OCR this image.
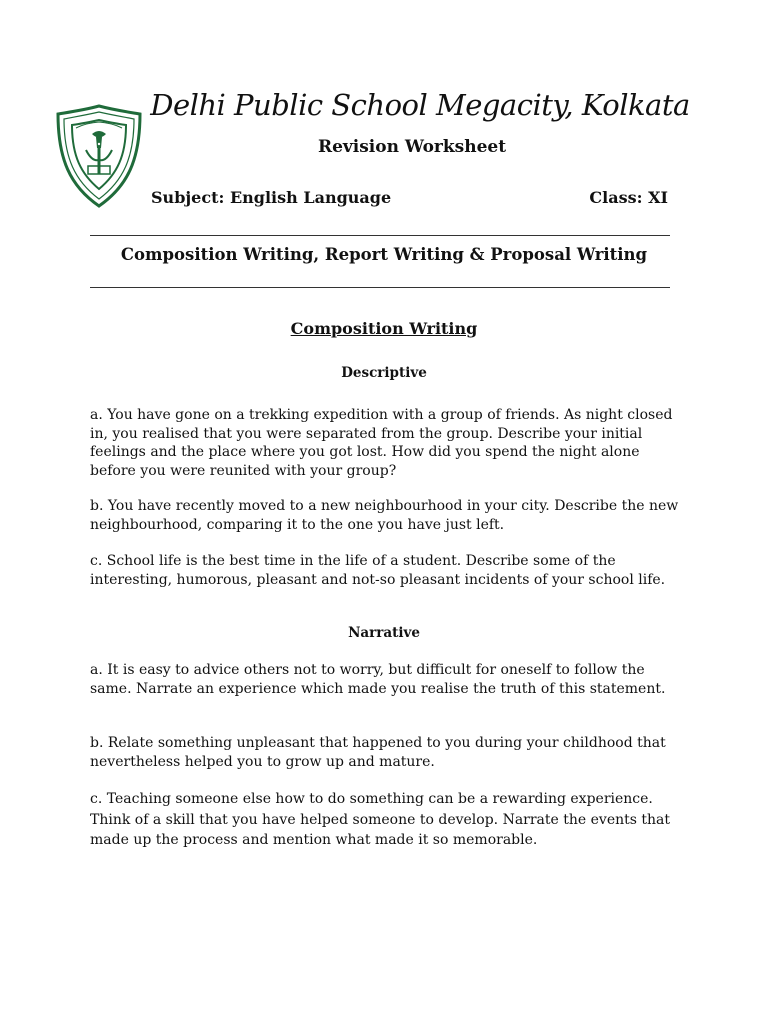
Delhi Public School Megacity, Kolkata
Revision Worksheet
Subject: English Language	Class: XI
Composition Writing, Report Writing & Proposal Writing
Composition Writing
Descriptive

a. You have gone on a trekking expedition with a group of friends. As night closed in, you realised that you were separated from the group. Describe your initial feelings and the place where you got lost. How did you spend the night alone before you were reunited with your group?

b. You have recently moved to a new neighbourhood in your city. Describe the new neighbourhood, comparing it to the one you have just left.

c. School life is the best time in the life of a student. Describe some of the interesting, humorous, pleasant and not-so pleasant incidents of your school life.

Narrative

a. It is easy to advice others not to worry, but difficult for oneself to follow the same. Narrate an experience which made you realise the truth of this statement.

b. Relate something unpleasant that happened to you during your childhood that nevertheless helped you to grow up and mature.

c. Teaching someone else how to do something can be a rewarding experience. Think of a skill that you have helped someone to develop. Narrate the events that made up the process and mention what made it so memorable.
